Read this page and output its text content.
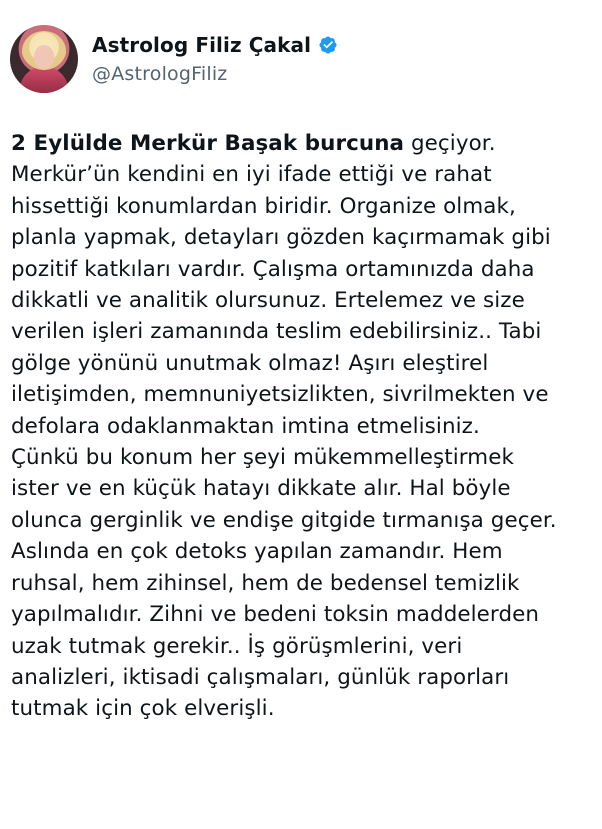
Astrolog Filiz Çakal
@AstrologFiliz
2 Eylülde Merkür Başak burcuna geçiyor.
Merkür’ün kendini en iyi ifade ettiği ve rahat
hissettiği konumlardan biridir. Organize olmak,
planla yapmak, detayları gözden kaçırmamak gibi
pozitif katkıları vardır. Çalışma ortamınızda daha
dikkatli ve analitik olursunuz. Ertelemez ve size
verilen işleri zamanında teslim edebilirsiniz.. Tabi
gölge yönünü unutmak olmaz! Aşırı eleştirel
iletişimden, memnuniyetsizlikten, sivrilmekten ve
defolara odaklanmaktan imtina etmelisiniz.
Çünkü bu konum her şeyi mükemmelleştirmek
ister ve en küçük hatayı dikkate alır. Hal böyle
olunca gerginlik ve endişe gitgide tırmanışa geçer.
Aslında en çok detoks yapılan zamandır. Hem
ruhsal, hem zihinsel, hem de bedensel temizlik
yapılmalıdır. Zihni ve bedeni toksin maddelerden
uzak tutmak gerekir.. İş görüşmlerini, veri
analizleri, iktisadi çalışmaları, günlük raporları
tutmak için çok elverişli.
